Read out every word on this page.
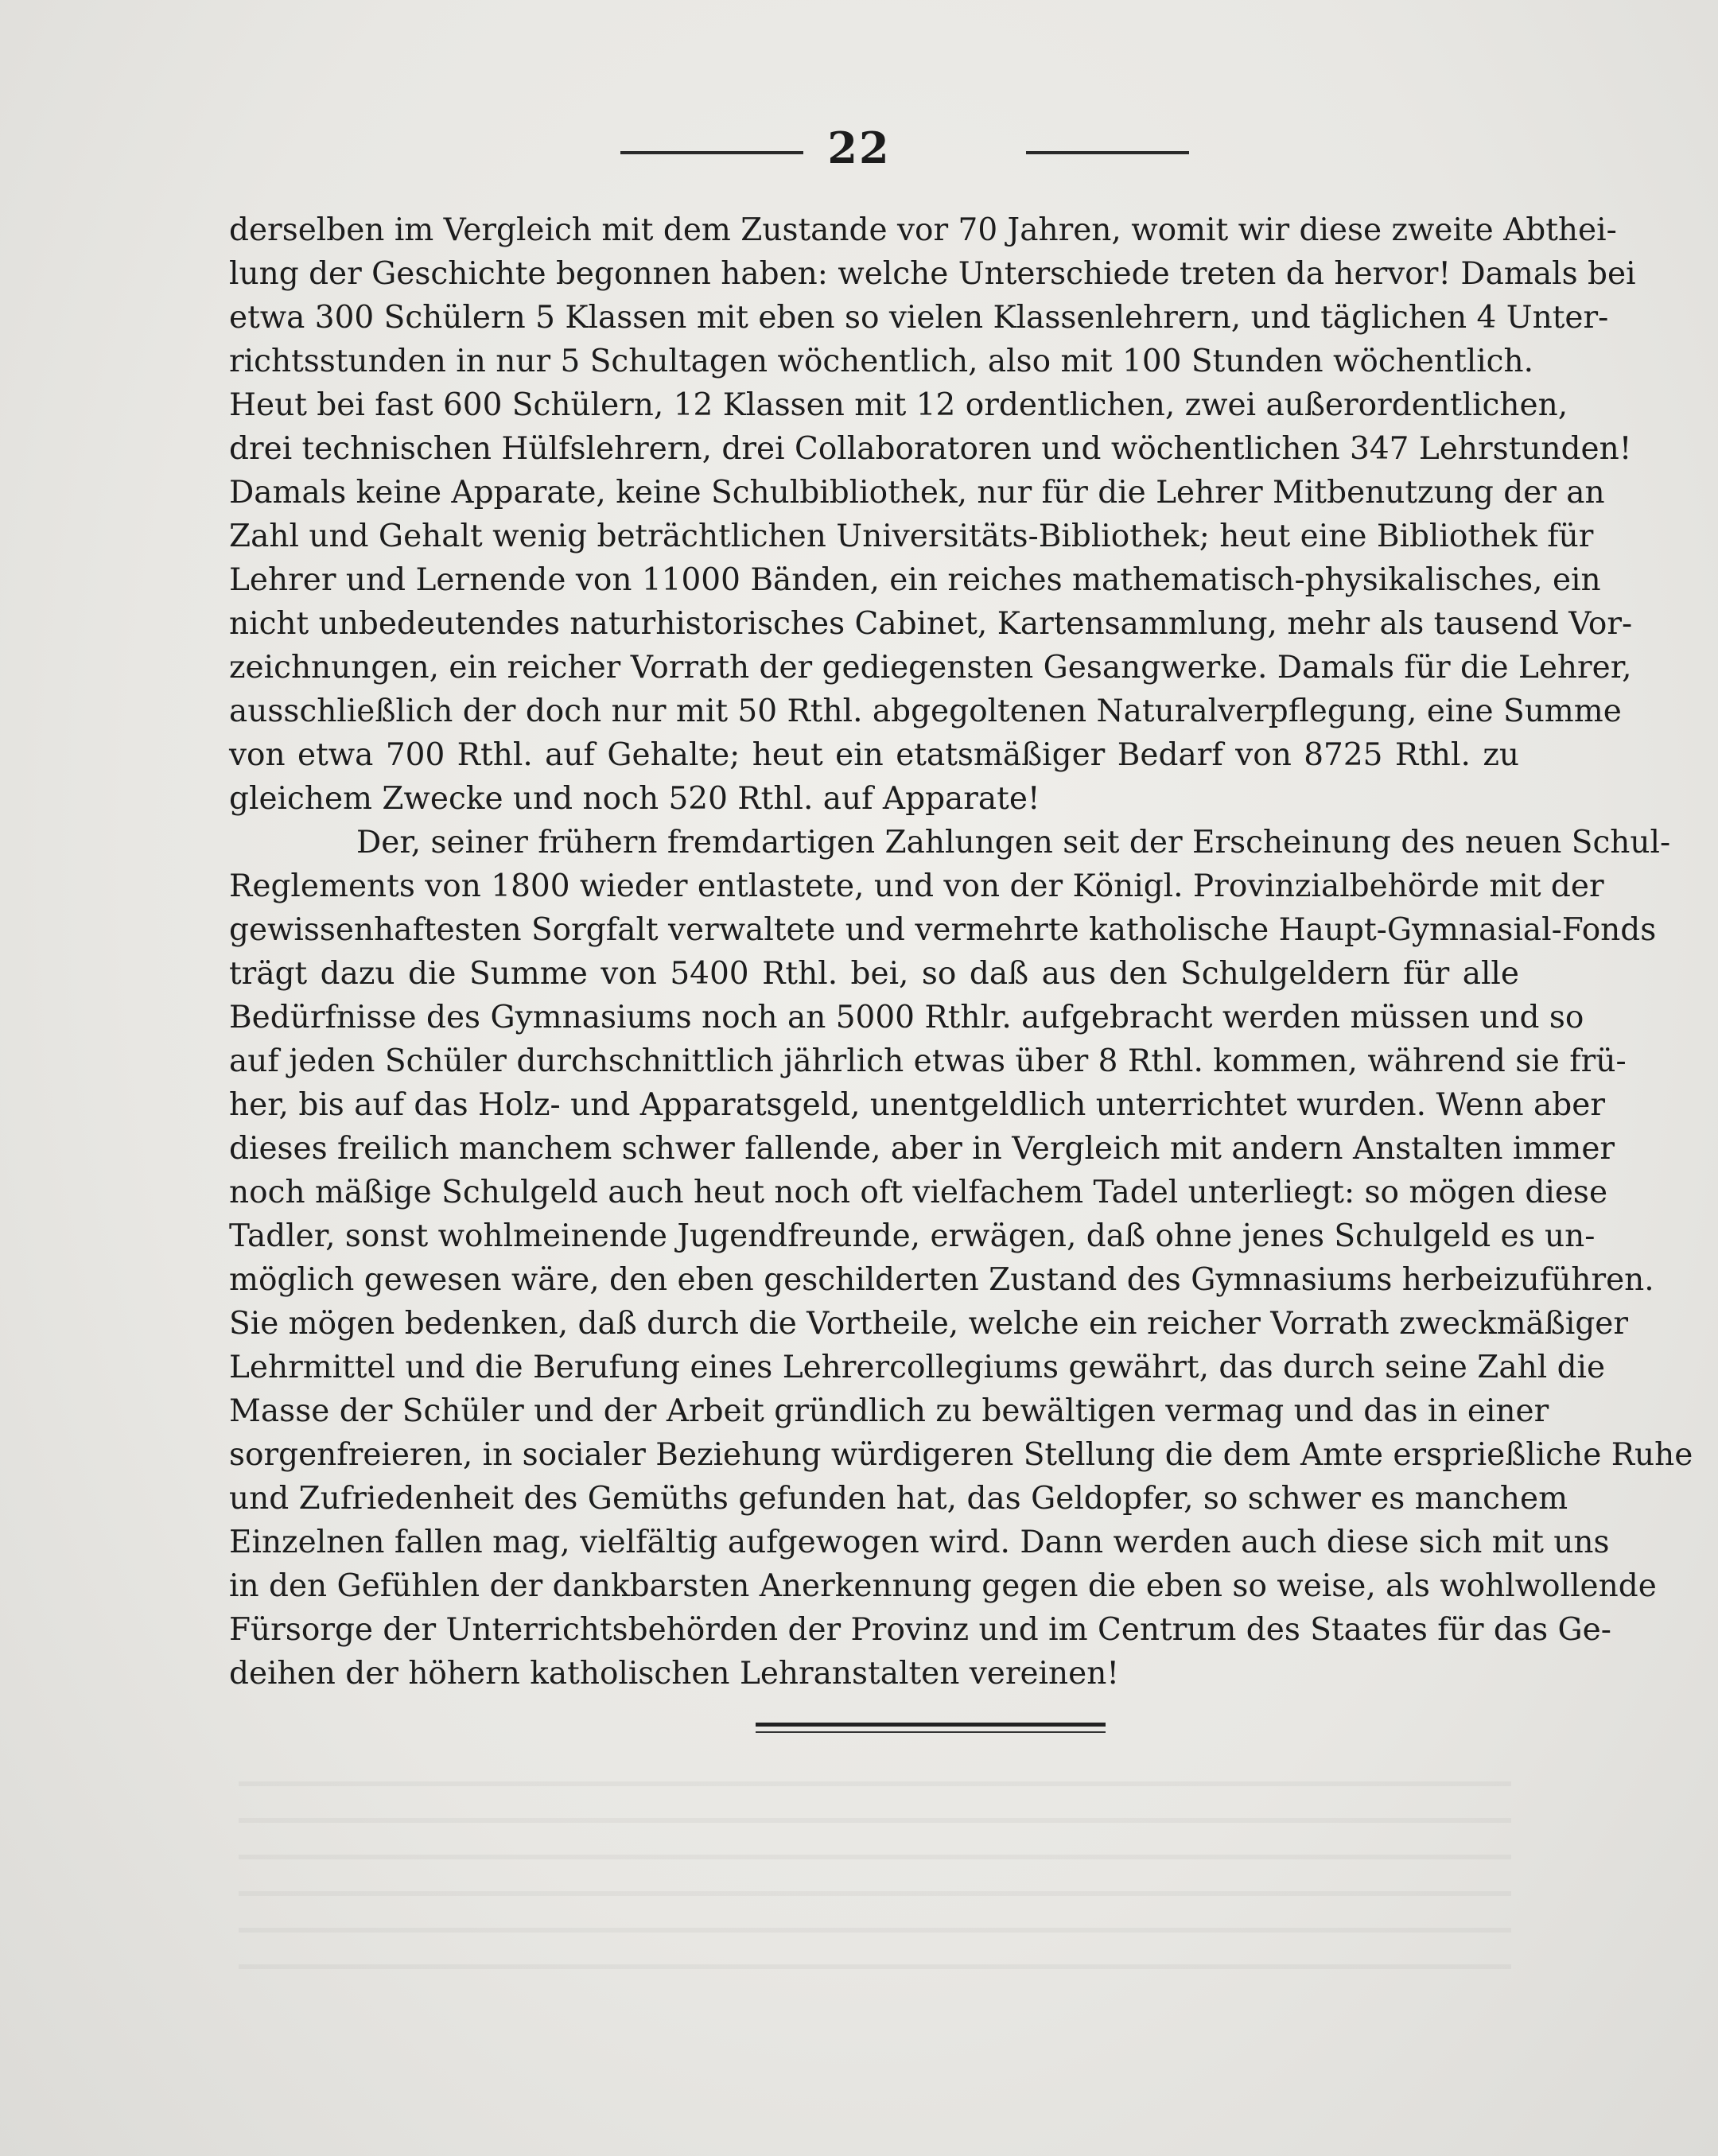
22
derselben im Vergleich mit dem Zustande vor 70 Jahren, womit wir diese zweite Abthei-
lung der Geschichte begonnen haben: welche Unterschiede treten da hervor! Damals bei
etwa 300 Schülern 5 Klassen mit eben so vielen Klassenlehrern, und täglichen 4 Unter-
richtsstunden in nur 5 Schultagen wöchentlich, also mit 100 Stunden wöchentlich.
Heut bei fast 600 Schülern, 12 Klassen mit 12 ordentlichen, zwei außerordentlichen,
drei technischen Hülfslehrern, drei Collaboratoren und wöchentlichen 347 Lehrstunden!
Damals keine Apparate, keine Schulbibliothek, nur für die Lehrer Mitbenutzung der an
Zahl und Gehalt wenig beträchtlichen Universitäts-Bibliothek; heut eine Bibliothek für
Lehrer und Lernende von 11000 Bänden, ein reiches mathematisch-physikalisches, ein
nicht unbedeutendes naturhistorisches Cabinet, Kartensammlung, mehr als tausend Vor-
zeichnungen, ein reicher Vorrath der gediegensten Gesangwerke. Damals für die Lehrer,
ausschließlich der doch nur mit 50 Rthl. abgegoltenen Naturalverpflegung, eine Summe
von etwa 700 Rthl. auf Gehalte; heut ein etatsmäßiger Bedarf von 8725 Rthl. zu
gleichem Zwecke und noch 520 Rthl. auf Apparate!
Der, seiner frühern fremdartigen Zahlungen seit der Erscheinung des neuen Schul-
Reglements von 1800 wieder entlastete, und von der Königl. Provinzialbehörde mit der
gewissenhaftesten Sorgfalt verwaltete und vermehrte katholische Haupt-Gymnasial-Fonds
trägt dazu die Summe von 5400 Rthl. bei, so daß aus den Schulgeldern für alle
Bedürfnisse des Gymnasiums noch an 5000 Rthlr. aufgebracht werden müssen und so
auf jeden Schüler durchschnittlich jährlich etwas über 8 Rthl. kommen, während sie frü-
her, bis auf das Holz- und Apparatsgeld, unentgeldlich unterrichtet wurden. Wenn aber
dieses freilich manchem schwer fallende, aber in Vergleich mit andern Anstalten immer
noch mäßige Schulgeld auch heut noch oft vielfachem Tadel unterliegt: so mögen diese
Tadler, sonst wohlmeinende Jugendfreunde, erwägen, daß ohne jenes Schulgeld es un-
möglich gewesen wäre, den eben geschilderten Zustand des Gymnasiums herbeizuführen.
Sie mögen bedenken, daß durch die Vortheile, welche ein reicher Vorrath zweckmäßiger
Lehrmittel und die Berufung eines Lehrercollegiums gewährt, das durch seine Zahl die
Masse der Schüler und der Arbeit gründlich zu bewältigen vermag und das in einer
sorgenfreieren, in socialer Beziehung würdigeren Stellung die dem Amte ersprießliche Ruhe
und Zufriedenheit des Gemüths gefunden hat, das Geldopfer, so schwer es manchem
Einzelnen fallen mag, vielfältig aufgewogen wird. Dann werden auch diese sich mit uns
in den Gefühlen der dankbarsten Anerkennung gegen die eben so weise, als wohlwollende
Fürsorge der Unterrichtsbehörden der Provinz und im Centrum des Staates für das Ge-
deihen der höhern katholischen Lehranstalten vereinen!
